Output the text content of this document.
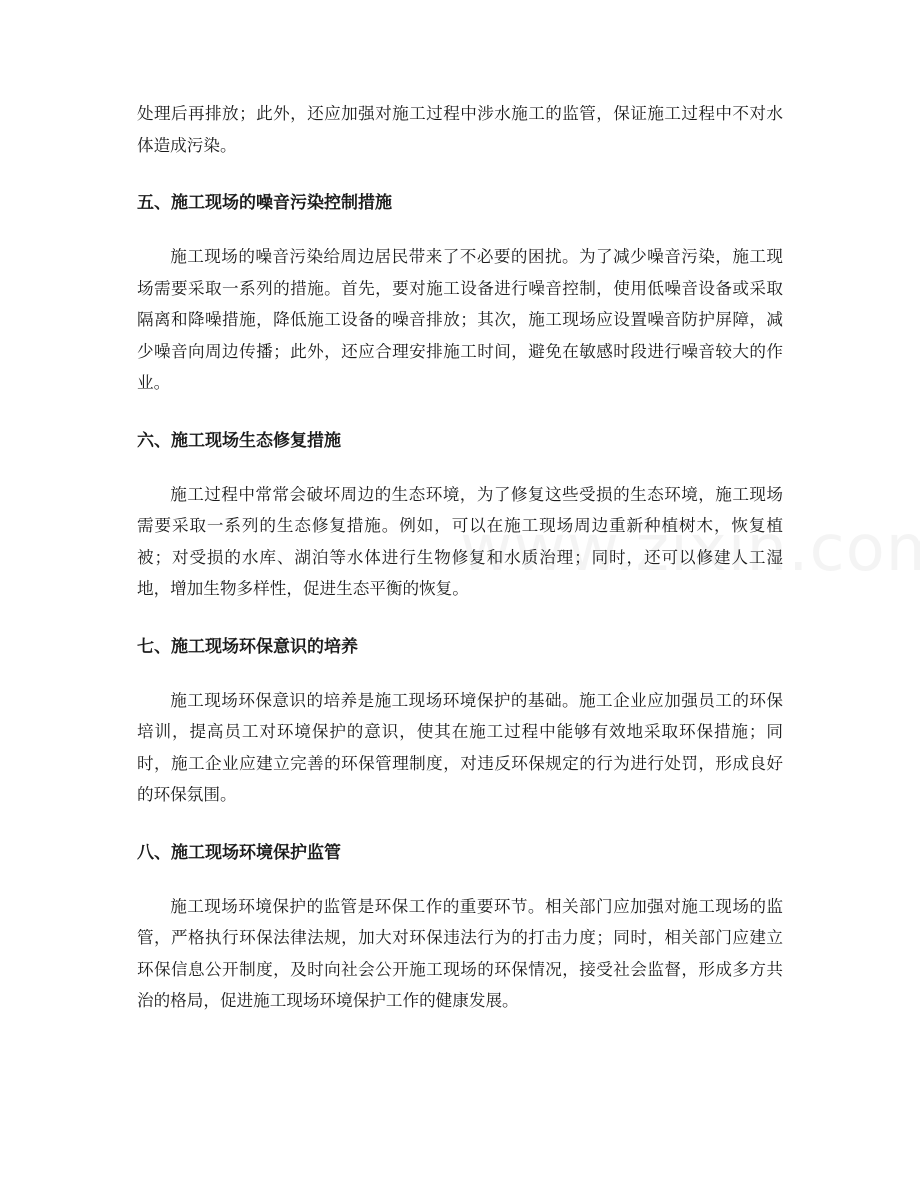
处理后再排放；此外，还应加强对施工过程中涉水施工的监管，保证施工过程中不对水体造成污染。

五、施工现场的噪音污染控制措施

施工现场的噪音污染给周边居民带来了不必要的困扰。为了减少噪音污染，施工现场需要采取一系列的措施。首先，要对施工设备进行噪音控制，使用低噪音设备或采取隔离和降噪措施，降低施工设备的噪音排放；其次，施工现场应设置噪音防护屏障，减少噪音向周边传播；此外，还应合理安排施工时间，避免在敏感时段进行噪音较大的作业。

六、施工现场生态修复措施

施工过程中常常会破坏周边的生态环境，为了修复这些受损的生态环境，施工现场需要采取一系列的生态修复措施。例如，可以在施工现场周边重新种植树木，恢复植被；对受损的水库、湖泊等水体进行生物修复和水质治理；同时，还可以修建人工湿地，增加生物多样性，促进生态平衡的恢复。

七、施工现场环保意识的培养

施工现场环保意识的培养是施工现场环境保护的基础。施工企业应加强员工的环保培训，提高员工对环境保护的意识，使其在施工过程中能够有效地采取环保措施；同时，施工企业应建立完善的环保管理制度，对违反环保规定的行为进行处罚，形成良好的环保氛围。

八、施工现场环境保护监管

施工现场环境保护的监管是环保工作的重要环节。相关部门应加强对施工现场的监管，严格执行环保法律法规，加大对环保违法行为的打击力度；同时，相关部门应建立环保信息公开制度，及时向社会公开施工现场的环保情况，接受社会监督，形成多方共治的格局，促进施工现场环境保护工作的健康发展。
